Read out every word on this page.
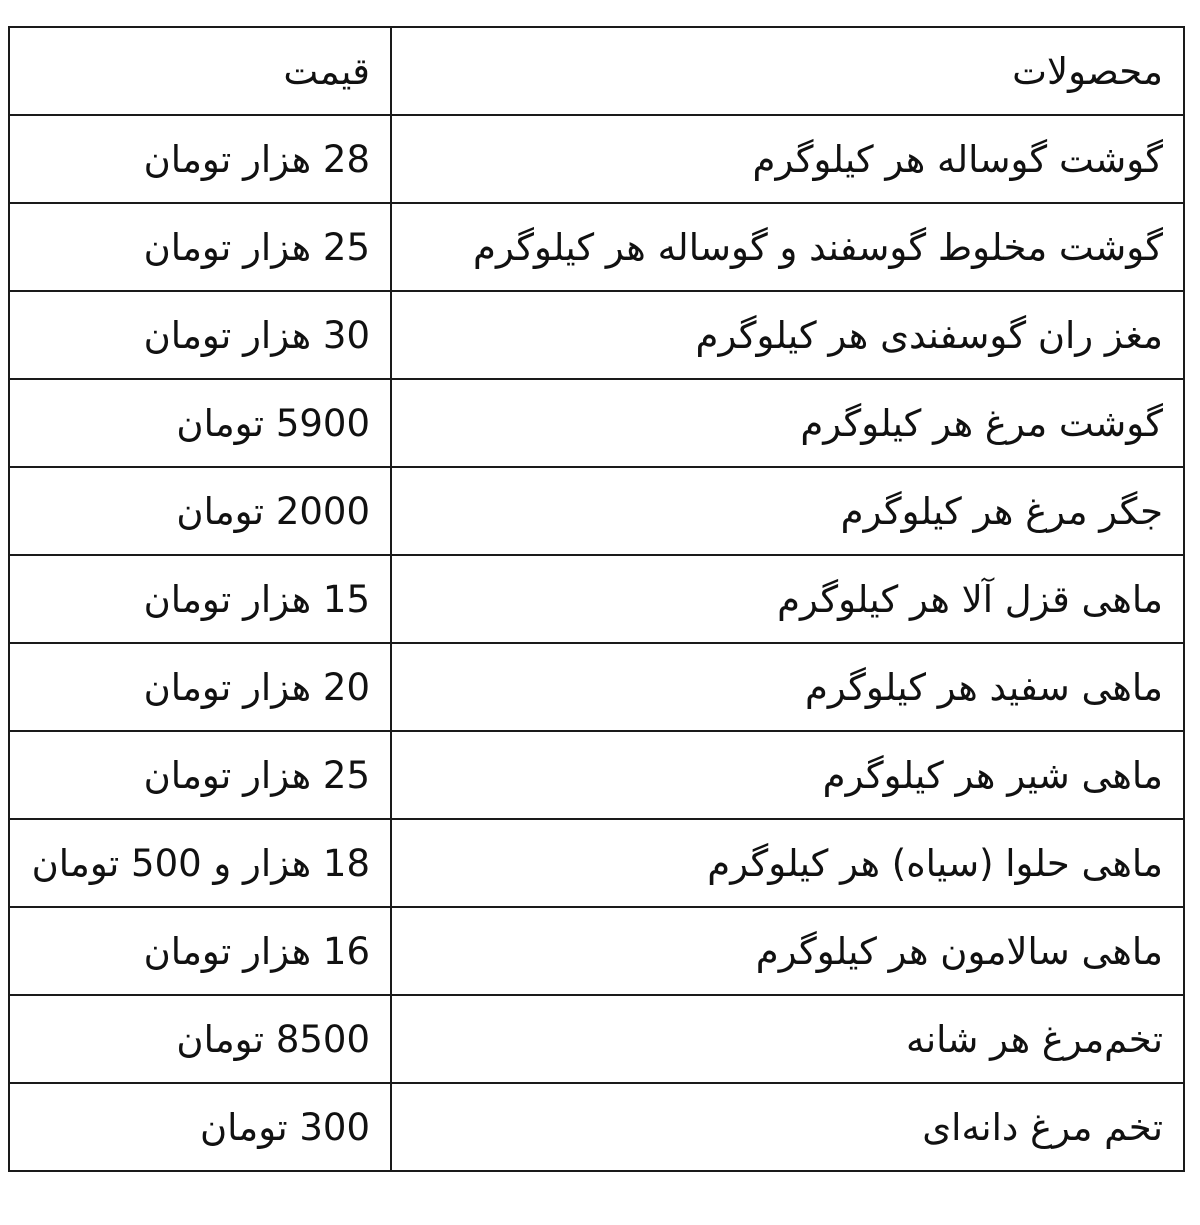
محصولات	قیمت
گوشت گوساله هر کیلوگرم	28 هزار تومان
گوشت مخلوط گوسفند و گوساله هر کیلوگرم	25 هزار تومان
مغز ران گوسفندی هر کیلوگرم	30 هزار تومان
گوشت مرغ هر کیلوگرم	5900 تومان
جگر مرغ هر کیلوگرم	2000 تومان
ماهی قزل آلا هر کیلوگرم	15 هزار تومان
ماهی سفید هر کیلوگرم	20 هزار تومان
ماهی شیر هر کیلوگرم	25 هزار تومان
ماهی حلوا (سیاه) هر کیلوگرم	18 هزار و 500 تومان
ماهی سالامون هر کیلوگرم	16 هزار تومان
تخم‌مرغ هر شانه	8500 تومان
تخم مرغ دانه‌ای	300 تومان
